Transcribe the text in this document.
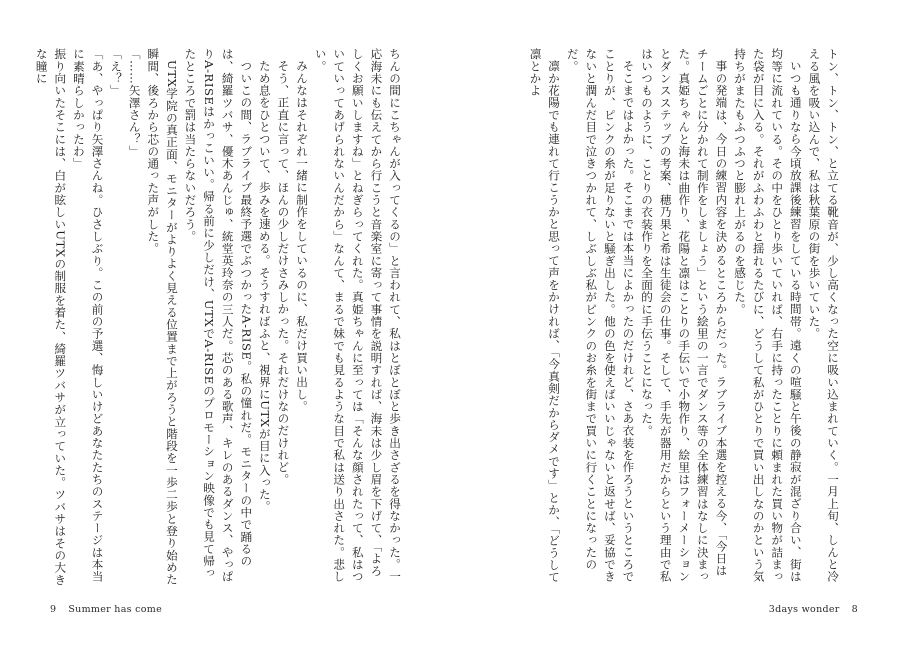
ちんの間にこちゃんが入ってくるの」と言われて、私はとぼとぼと歩き出さざるを得なかった。一応海未にも伝えてから行こうと音楽室に寄って事情を説明すれば、海未は少し眉を下げて、「よろしくお願いしますね」とねぎらってくれた。真姫ちゃんに至っては「そんな顔されたって、私はついていってあげられないんだから」なんて、まるで妹でも見るような目で私は送り出された。悲しい。

みんなはそれぞれ一緒に制作をしているのに、私だけ買い出し。

そう、正直に言って、ほんの少しだけさみしかった。それだけなのだけれど。

ため息をひとついて、歩みを速める。そうすればふと、視界にUTXが目に入った。

ついこの間、ラブライブ最終予選でぶつかったA-RISE。私の憧れだ。モニターの中で踊るのは、綺羅ツバサ、優木あんじゅ、統堂英玲奈の三人だ。芯のある歌声、キレのあるダンス、やっぱりA-RISEはかっこいい。帰る前に少しだけ、UTXでA-RISEのプロモーション映像でも見て帰ったところで罰は当たらないだろう。

UTX学院の真正面、モニターがよりよく見える位置まで上がろうと階段を一歩二歩と登り始めた瞬間、後ろから芯の通った声がした。

「……矢澤さん？」

「え？」

「あ、やっぱり矢澤さんね。ひさしぶり。この前の予選、悔しいけどあなたたちのステージは本当に素晴らしかったわ」

振り向いたそこには、白が眩しいUTXの制服を着た、綺羅ツバサが立っていた。ツバサはその大きな瞳に

9 Summer has come

トン、トン、トン、と立てる靴音が、少し高くなった空に吸い込まれていく。一月上旬、しんと冷える風を吸い込んで、私は秋葉原の街を歩いていた。

いつも通りなら今頃放課後練習をしている時間帯。遠くの喧騒と午後の静寂が混ざり合い、街は均等に流れている。その中をひとり歩いていれば、右手に持ったことりに頼まれた買い物が詰まった袋が目に入る。それがふわふわと揺れるたびに、どうして私がひとりで買い出しなのかという気持ちがまたもふつふつと膨れ上がるのを感じた。

事の発端は、今日の練習内容を決めるところからだった。ラブライブ本選を控える今、「今日はチームごとに分かれて制作をしましょう」という絵里の一言でダンス等の全体練習はなしに決まった。真姫ちゃんと海未は曲作り、花陽と凛はことりの手伝いで小物作り、絵里はフォーメーションとダンスステップの考案、穂乃果と希は生徒会の仕事。そして、手先が器用だからという理由で私はいつものように、ことりの衣装作りを全面的に手伝うことになった。

そこまではよかった。そこまでは本当によかったのだけれど、さあ衣装を作ろうというところでことりが、ピンクの糸が足りないと騒ぎ出した。他の色を使えばいいじゃないと返せば、妥協できないと潤んだ目で泣きつかれて、しぶしぶ私がピンクのお糸を街まで買いに行くことになったのだ。

凛か花陽でも連れて行こうかと思って声をかければ、「今真剣だからダメです」とか、「どうして凛とかよ

3days wonder 8
